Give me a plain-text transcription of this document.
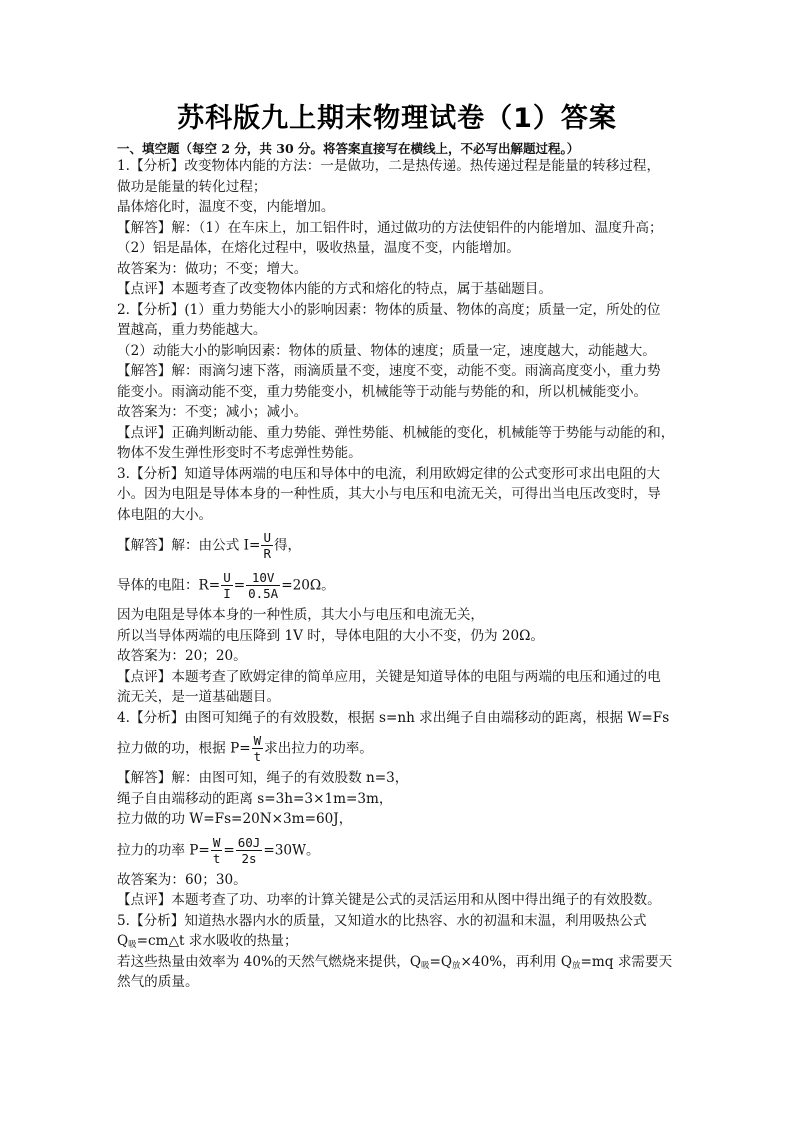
苏科版九上期末物理试卷（1）答案
一、填空题（每空 2 分，共 30 分。将答案直接写在横线上，不必写出解题过程。）
1.【分析】改变物体内能的方法：一是做功，二是热传递。热传递过程是能量的转移过程，
做功是能量的转化过程；
晶体熔化时，温度不变，内能增加。
【解答】解：（1）在车床上，加工铝件时，通过做功的方法使铝件的内能增加、温度升高；
（2）铝是晶体，在熔化过程中，吸收热量，温度不变，内能增加。
故答案为：做功；不变；增大。
【点评】本题考查了改变物体内能的方式和熔化的特点，属于基础题目。
2.【分析】(1）重力势能大小的影响因素：物体的质量、物体的高度；质量一定，所处的位
置越高，重力势能越大。
（2）动能大小的影响因素：物体的质量、物体的速度；质量一定，速度越大，动能越大。
【解答】解：雨滴匀速下落，雨滴质量不变，速度不变，动能不变。雨滴高度变小，重力势
能变小。雨滴动能不变，重力势能变小，机械能等于动能与势能的和，所以机械能变小。
故答案为：不变；减小；减小。
【点评】正确判断动能、重力势能、弹性势能、机械能的变化，机械能等于势能与动能的和，
物体不发生弹性形变时不考虑弹性势能。
3.【分析】知道导体两端的电压和导体中的电流，利用欧姆定律的公式变形可求出电阻的大
小。因为电阻是导体本身的一种性质，其大小与电压和电流无关，可得出当电压改变时，导
体电阻的大小。
【解答】解：由公式 $I= \frac{U}{R}$ 得，
导体的电阻：$R= \frac{U}{I} = \frac{10V}{0.5A} =20\Omega$。
因为电阻是导体本身的一种性质，其大小与电压和电流无关，
所以当导体两端的电压降到 1V 时，导体电阻的大小不变，仍为 20Ω。
故答案为：20；20。
【点评】本题考查了欧姆定律的简单应用，关键是知道导体的电阻与两端的电压和通过的电
流无关，是一道基础题目。
4.【分析】由图可知绳子的有效股数，根据 s=nh 求出绳子自由端移动的距离，根据 W=Fs
拉力做的功，根据 $P= \frac{W}{t}$ 求出拉力的功率。
【解答】解：由图可知，绳子的有效股数 n=3，
绳子自由端移动的距离 s=3h=3×1m=3m，
拉力做的功 W=Fs=20N×3m=60J，
拉力的功率 $P= \frac{W}{t} = \frac{60J}{2s} =30W$。
故答案为：60；30。
【点评】本题考查了功、功率的计算关键是公式的灵活运用和从图中得出绳子的有效股数。
5.【分析】知道热水器内水的质量，又知道水的比热容、水的初温和末温，利用吸热公式
$Q_吸=cm\triangle t$ 求水吸收的热量；
若这些热量由效率为 40%的天然气燃烧来提供，$Q_吸=Q_放\times 40\%$，再利用 $Q_放=mq$ 求需要天
然气的质量。
